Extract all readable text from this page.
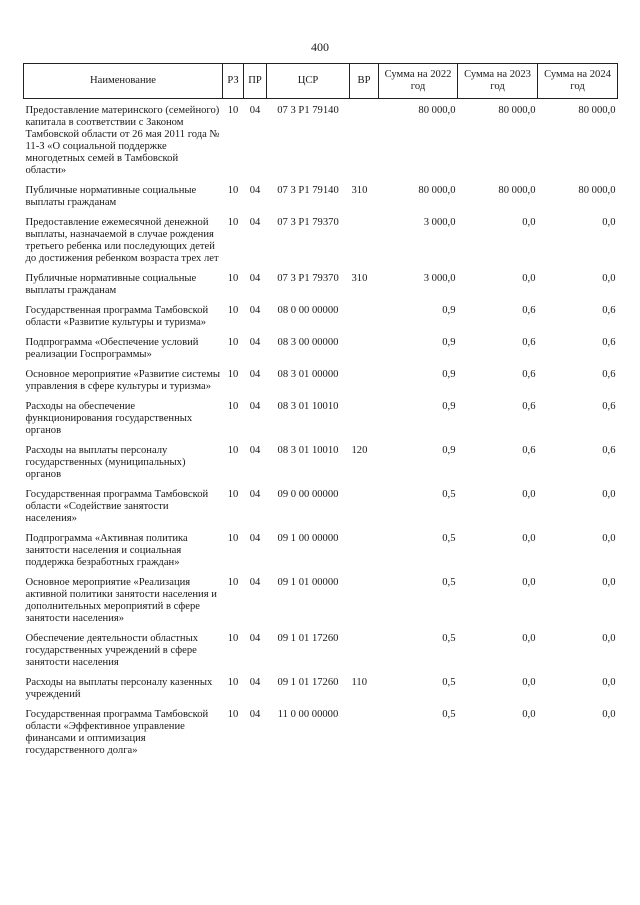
400
Наименование	РЗ	ПР	ЦСР	ВР	Сумма на 2022 год	Сумма на 2023 год	Сумма на 2024 год
Предоставление материнского (семейного) капитала в соответствии с Законом Тамбовской области от 26 мая 2011 года № 11-З «О социальной поддержке многодетных семей в Тамбовской области»	10	04	07 3 P1 79140		80 000,0	80 000,0	80 000,0
Публичные нормативные социальные выплаты гражданам	10	04	07 3 P1 79140	310	80 000,0	80 000,0	80 000,0
Предоставление ежемесячной денежной выплаты, назначаемой в случае рождения третьего ребенка или последующих детей до достижения ребенком возраста трех лет	10	04	07 3 P1 79370		3 000,0	0,0	0,0
Публичные нормативные социальные выплаты гражданам	10	04	07 3 P1 79370	310	3 000,0	0,0	0,0
Государственная программа Тамбовской области «Развитие культуры и туризма»	10	04	08 0 00 00000		0,9	0,6	0,6
Подпрограмма «Обеспечение условий реализации Госпрограммы»	10	04	08 3 00 00000		0,9	0,6	0,6
Основное мероприятие «Развитие системы управления в сфере культуры и туризма»	10	04	08 3 01 00000		0,9	0,6	0,6
Расходы на обеспечение функционирования государственных органов	10	04	08 3 01 10010		0,9	0,6	0,6
Расходы на выплаты персоналу государственных (муниципальных) органов	10	04	08 3 01 10010	120	0,9	0,6	0,6
Государственная программа Тамбовской области «Содействие занятости населения»	10	04	09 0 00 00000		0,5	0,0	0,0
Подпрограмма «Активная политика занятости населения и социальная поддержка безработных граждан»	10	04	09 1 00 00000		0,5	0,0	0,0
Основное мероприятие «Реализация активной политики занятости населения и дополнительных мероприятий в сфере занятости населения»	10	04	09 1 01 00000		0,5	0,0	0,0
Обеспечение деятельности областных государственных учреждений в сфере занятости населения	10	04	09 1 01 17260		0,5	0,0	0,0
Расходы на выплаты персоналу казенных учреждений	10	04	09 1 01 17260	110	0,5	0,0	0,0
Государственная программа Тамбовской области «Эффективное управление финансами и оптимизация государственного долга»	10	04	11 0 00 00000		0,5	0,0	0,0
